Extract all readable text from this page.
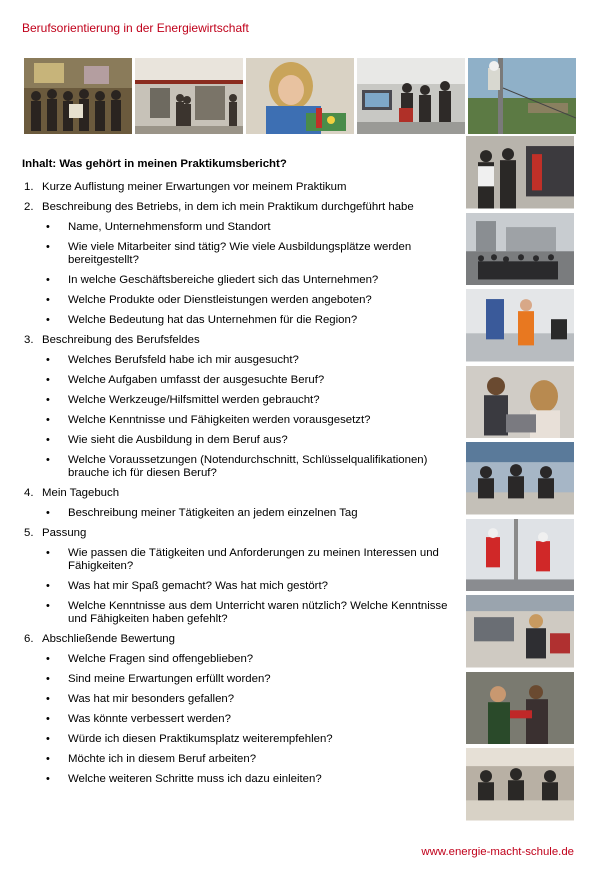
Berufsorientierung in der Energiewirtschaft
Inhalt: Was gehört in meinen Praktikumsbericht?
1. Kurze Auflistung meiner Erwartungen vor meinem Praktikum
2. Beschreibung des Betriebs, in dem ich mein Praktikum durchgeführt habe
• Name, Unternehmensform und Standort
• Wie viele Mitarbeiter sind tätig? Wie viele Ausbildungsplätze werden bereitgestellt?
• In welche Geschäftsbereiche gliedert sich das Unternehmen?
• Welche Produkte oder Dienstleistungen werden angeboten?
• Welche Bedeutung hat das Unternehmen für die Region?
3. Beschreibung des Berufsfeldes
• Welches Berufsfeld habe ich mir ausgesucht?
• Welche Aufgaben umfasst der ausgesuchte Beruf?
• Welche Werkzeuge/Hilfsmittel werden gebraucht?
• Welche Kenntnisse und Fähigkeiten werden vorausgesetzt?
• Wie sieht die Ausbildung in dem Beruf aus?
• Welche Voraussetzungen (Notendurchschnitt, Schlüsselqualifikationen) brauche ich für diesen Beruf?
4. Mein Tagebuch
• Beschreibung meiner Tätigkeiten an jedem einzelnen Tag
5. Passung
• Wie passen die Tätigkeiten und Anforderungen zu meinen Interessen und Fähigkeiten?
• Was hat mir Spaß gemacht? Was hat mich gestört?
• Welche Kenntnisse aus dem Unterricht waren nützlich? Welche Kenntnisse und Fähigkeiten haben gefehlt?
6. Abschließende Bewertung
• Welche Fragen sind offengeblieben?
• Sind meine Erwartungen erfüllt worden?
• Was hat mir besonders gefallen?
• Was könnte verbessert werden?
• Würde ich diesen Praktikumsplatz weiterempfehlen?
• Möchte ich in diesem Beruf arbeiten?
• Welche weiteren Schritte muss ich dazu einleiten?
www.energie-macht-schule.de
